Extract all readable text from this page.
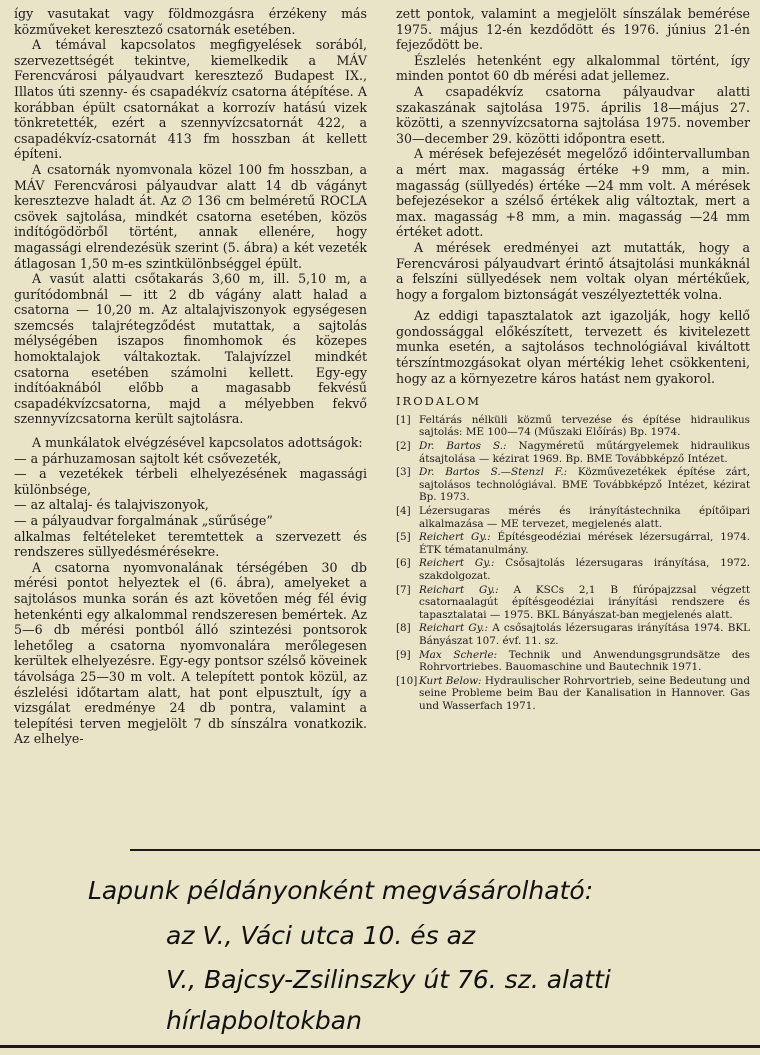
így vasutakat vagy földmozgásra érzékeny más közműveket keresztező csatornák esetében.

A témával kapcsolatos megfigyelések sorából, szervezettségét tekintve, kiemelkedik a MÁV Ferencvárosi pályaudvart keresztező Budapest IX., Illatos úti szenny- és csapadékvíz csatorna átépítése. A korábban épült csatornákat a korrozív hatású vizek tönkretették, ezért a szennyvízcsatornát 422, a csapadékvíz-csatornát 413 fm hosszban át kellett építeni.

A csatornák nyomvonala közel 100 fm hosszban, a MÁV Ferencvárosi pályaudvar alatt 14 db vágányt keresztezve haladt át. Az ∅ 136 cm belméretű ROCLA csövek sajtolása, mindkét csatorna esetében, közös indítógödörből történt, annak ellenére, hogy magassági elrendezésük szerint (5. ábra) a két vezeték átlagosan 1,50 m-es szintkülönbséggel épült.

A vasút alatti csőtakarás 3,60 m, ill. 5,10 m, a gurítódombnál — itt 2 db vágány alatt halad a csatorna — 10,20 m. Az altalajviszonyok egységesen szemcsés talajrétegződést mutattak, a sajtolás mélységében iszapos finomhomok és közepes homoktalajok váltakoztak. Talajvízzel mindkét csatorna esetében számolni kellett. Egy-egy indítóaknából előbb a magasabb fekvésű csapadékvízcsatorna, majd a mélyebben fekvő szennyvízcsatorna került sajtolásra.

A munkálatok elvégzésével kapcsolatos adottságok:

— a párhuzamosan sajtolt két csővezeték,

— a vezetékek térbeli elhelyezésének magassági különbsége,

— az altalaj- és talajviszonyok,

— a pályaudvar forgalmának „sűrűsége”

alkalmas feltételeket teremtettek a szervezett és rendszeres süllyedésmérésekre.

A csatorna nyomvonalának térségében 30 db mérési pontot helyeztek el (6. ábra), amelyeket a sajtolásos munka során és azt követően még fél évig hetenkénti egy alkalommal rendszeresen bemértek. Az 5—6 db mérési pontból álló szintezési pontsorok lehetőleg a csatorna nyomvonalára merőlegesen kerültek elhelyezésre. Egy-egy pontsor szélső köveinek távolsága 25—30 m volt. A telepített pontok közül, az észlelési időtartam alatt, hat pont elpusztult, így a vizsgálat eredménye 24 db pontra, valamint a telepítési terven megjelölt 7 db sínszálra vonatkozik. Az elhelye-

zett pontok, valamint a megjelölt sínszálak bemérése 1975. május 12-én kezdődött és 1976. június 21-én fejeződött be.

Észlelés hetenként egy alkalommal történt, így minden pontot 60 db mérési adat jellemez.

A csapadékvíz csatorna pályaudvar alatti szakaszának sajtolása 1975. április 18—május 27. közötti, a szennyvízcsatorna sajtolása 1975. november 30—december 29. közötti időpontra esett.

A mérések befejezését megelőző időintervallumban a mért max. magasság értéke +9 mm, a min. magasság (süllyedés) értéke —24 mm volt. A mérések befejezésekor a szélső értékek alig változtak, mert a max. magasság +8 mm, a min. magasság —24 mm értéket adott.

A mérések eredményei azt mutatták, hogy a Ferencvárosi pályaudvart érintő átsajtolási munkáknál a felszíni süllyedések nem voltak olyan mértékűek, hogy a forgalom biztonságát veszélyeztették volna.

Az eddigi tapasztalatok azt igazolják, hogy kellő gondossággal előkészített, tervezett és kivitelezett munka esetén, a sajtolásos technológiával kiváltott térszíntmozgásokat olyan mértékig lehet csökkenteni, hogy az a környezetre káros hatást nem gyakorol.

IRODALOM

[1] Feltárás nélküli közmű tervezése és építése hidraulikus sajtolás: ME 100—74 (Műszaki Előírás) Bp. 1974.
[2] Dr. Bartos S.: Nagyméretű műtárgyelemek hidraulikus átsajtolása — kézirat 1969. Bp. BME Továbbképző Intézet.
[3] Dr. Bartos S.—Stenzl F.: Közművezetékek építése zárt, sajtolásos technológiával. BME Továbbképző Intézet, kézirat Bp. 1973.
[4] Lézersugaras mérés és irányítástechnika építőipari alkalmazása — ME tervezet, megjelenés alatt.
[5] Reichert Gy.: Építésgeodéziai mérések lézersugárral, 1974. ÉTK tématanulmány.
[6] Reichert Gy.: Csősajtolás lézersugaras irányítása, 1972. szakdolgozat.
[7] Reichart Gy.: A KSCs 2,1 B fúrópajzzsal végzett csatornaalagút építésgeodéziai irányítási rendszere és tapasztalatai — 1975. BKL Bányászat-ban megjelenés alatt.
[8] Reichart Gy.: A csősajtolás lézersugaras irányítása 1974. BKL Bányászat 107. évf. 11. sz.
[9] Max Scherle: Technik und Anwendungsgrundsätze des Rohrvortriebes. Bauomaschine und Bautechnik 1971.
[10] Kurt Below: Hydraulischer Rohrvortrieb, seine Bedeutung und seine Probleme beim Bau der Kanalisation in Hannover. Gas und Wasserfach 1971.
Lapunk példányonként megvásárolható:
az V., Váci utca 10. és az
V., Bajcsy-Zsilinszky út 76. sz. alatti
hírlapboltokban
